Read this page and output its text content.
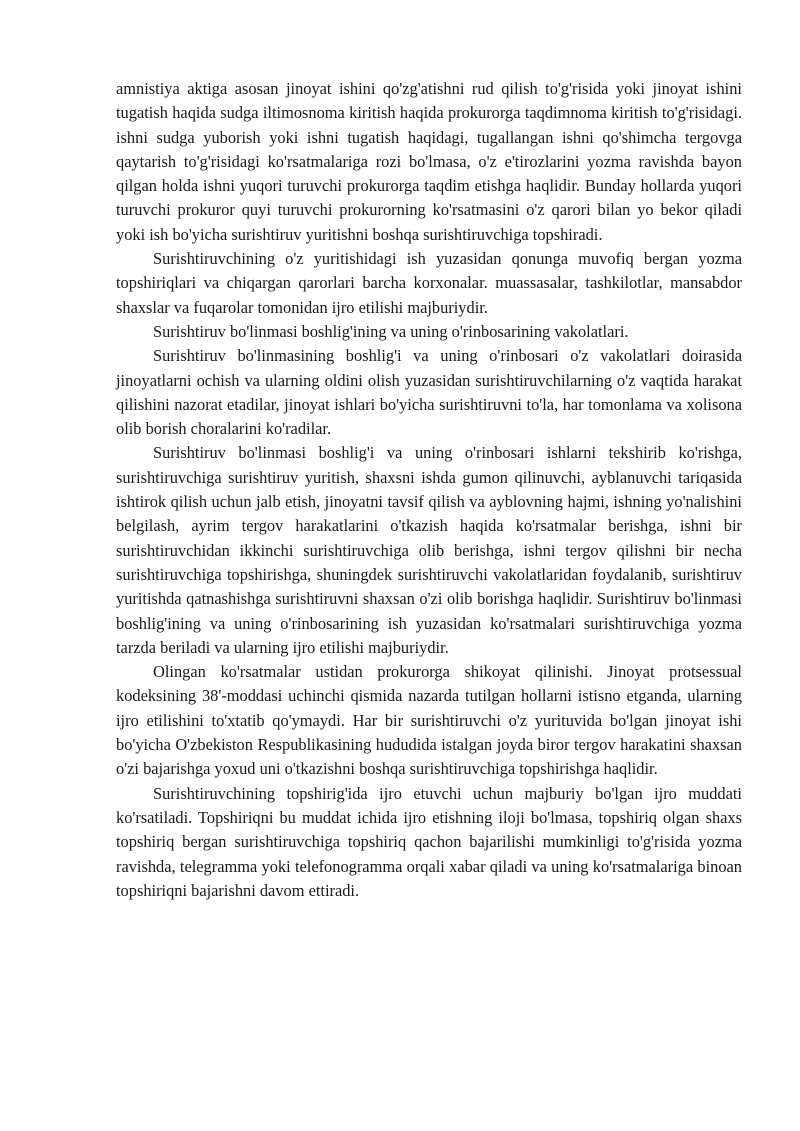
amnistiya aktiga asosan jinoyat ishini qo'zg'atishni rud qilish to'g'risida yoki jinoyat ishini tugatish haqida sudga iltimosnoma kiritish haqida prokurorga taqdimnoma kiritish to'g'risidagi. ishni sudga yuborish yoki ishni tugatish haqidagi, tugallangan ishni qo'shimcha tergovga qaytarish to'g'risidagi ko'rsatmalariga rozi bo'lmasa, o'z e'tirozlarini yozma ravishda bayon qilgan holda ishni yuqori turuvchi prokurorga taqdim etishga haqlidir. Bunday hollarda yuqori turuvchi prokuror quyi turuvchi prokurorning ko'rsatmasini o'z qarori bilan yo bekor qiladi yoki ish bo'yicha surishtiruv yuritishni boshqa surishtiruvchiga topshiradi.

Surishtiruvchining o'z yuritishidagi ish yuzasidan qonunga muvofiq bergan yozma topshiriqlari va chiqargan qarorlari barcha korxonalar. muassasalar, tashkilotlar, mansabdor shaxslar va fuqarolar tomonidan ijro etilishi majburiydir.

Surishtiruv bo'linmasi boshlig'ining va uning o'rinbosarining vakolatlari.

Surishtiruv bo'linmasining boshlig'i va uning o'rinbosari o'z vakolatlari doirasida jinoyatlarni ochish va ularning oldini olish yuzasidan surishtiruvchilarning o'z vaqtida harakat qilishini nazorat etadilar, jinoyat ishlari bo'yicha surishtiruvni to'la, har tomonlama va xolisona olib borish choralarini ko'radilar.

Surishtiruv bo'linmasi boshlig'i va uning o'rinbosari ishlarni tekshirib ko'rishga, surishtiruvchiga surishtiruv yuritish, shaxsni ishda gumon qilinuvchi, ayblanuvchi tariqasida ishtirok qilish uchun jalb etish, jinoyatni tavsif qilish va ayblovning hajmi, ishning yo'nalishini belgilash, ayrim tergov harakatlarini o'tkazish haqida ko'rsatmalar berishga, ishni bir surishtiruvchidan ikkinchi surishtiruvchiga olib berishga, ishni tergov qilishni bir necha surishtiruvchiga topshirishga, shuningdek surishtiruvchi vakolatlaridan foydalanib, surishtiruv yuritishda qatnashishga surishtiruvni shaxsan o'zi olib borishga haqlidir. Surishtiruv bo'linmasi boshlig'ining va uning o'rinbosarining ish yuzasidan ko'rsatmalari surishtiruvchiga yozma tarzda beriladi va ularning ijro etilishi majburiydir.

Olingan ko'rsatmalar ustidan prokurorga shikoyat qilinishi. Jinoyat protsessual kodeksining 38'-moddasi uchinchi qismida nazarda tutilgan hollarni istisno etganda, ularning ijro etilishini to'xtatib qo'ymaydi. Har bir surishtiruvchi o'z yurituvida bo'lgan jinoyat ishi bo'yicha O'zbekiston Respublikasining hududida istalgan joyda biror tergov harakatini shaxsan o'zi bajarishga yoxud uni o'tkazishni boshqa surishtiruvchiga topshirishga haqlidir.

Surishtiruvchining topshirig'ida ijro etuvchi uchun majburiy bo'lgan ijro muddati ko'rsatiladi. Topshiriqni bu muddat ichida ijro etishning iloji bo'lmasa, topshiriq olgan shaxs topshiriq bergan surishtiruvchiga topshiriq qachon bajarilishi mumkinligi to'g'risida yozma ravishda, telegramma yoki telefonogramma orqali xabar qiladi va uning ko'rsatmalariga binoan topshiriqni bajarishni davom ettiradi.
